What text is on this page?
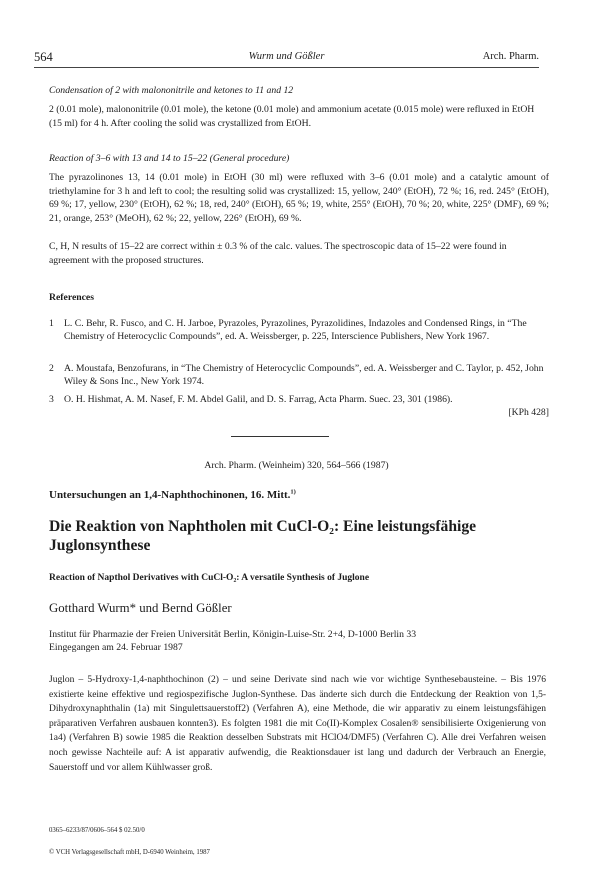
564	Wurm und Gößler	Arch. Pharm.
Condensation of 2 with malononitrile and ketones to 11 and 12
2 (0.01 mole), malononitrile (0.01 mole), the ketone (0.01 mole) and ammonium acetate (0.015 mole) were refluxed in EtOH (15 ml) for 4 h. After cooling the solid was crystallized from EtOH.
Reaction of 3–6 with 13 and 14 to 15–22 (General procedure)
The pyrazolinones 13, 14 (0.01 mole) in EtOH (30 ml) were refluxed with 3–6 (0.01 mole) and a catalytic amount of triethylamine for 3 h and left to cool; the resulting solid was crystallized: 15, yellow, 240° (EtOH), 72 %; 16, red. 245° (EtOH), 69 %; 17, yellow, 230° (EtOH), 62 %; 18, red, 240° (EtOH), 65 %; 19, white, 255° (EtOH), 70 %; 20, white, 225° (DMF), 69 %; 21, orange, 253° (MeOH), 62 %; 22, yellow, 226° (EtOH), 69 %.
C, H, N results of 15–22 are correct within ± 0.3 % of the calc. values. The spectroscopic data of 15–22 were found in agreement with the proposed structures.
References
1 L. C. Behr, R. Fusco, and C. H. Jarboe, Pyrazoles, Pyrazolines, Pyrazolidines, Indazoles and Condensed Rings, in “The Chemistry of Heterocyclic Compounds”, ed. A. Weissberger, p. 225, Interscience Publishers, New York 1967.
2 A. Moustafa, Benzofurans, in “The Chemistry of Heterocyclic Compounds”, ed. A. Weissberger and C. Taylor, p. 452, John Wiley & Sons Inc., New York 1974.
3 O. H. Hishmat, A. M. Nasef, F. M. Abdel Galil, and D. S. Farrag, Acta Pharm. Suec. 23, 301 (1986).
[KPh 428]
Arch. Pharm. (Weinheim) 320, 564–566 (1987)
Untersuchungen an 1,4-Naphthochinonen, 16. Mitt.$^{1)}$
Die Reaktion von Naphtholen mit CuCl-O₂: Eine leistungsfähige
Juglonsynthese
Reaction of Napthol Derivatives with CuCl-O₂: A versatile Synthesis of Juglone
Gotthard Wurm* und Bernd Gößler
Institut für Pharmazie der Freien Universität Berlin, Königin-Luise-Str. 2+4, D-1000 Berlin 33
Eingegangen am 24. Februar 1987
Juglon – 5-Hydroxy-1,4-naphthochinon (2) – und seine Derivate sind nach wie vor wichtige Synthesebausteine. – Bis 1976 existierte keine effektive und regiospezifische Juglon-Synthese. Das änderte sich durch die Entdeckung der Reaktion von 1,5-Dihydroxynaphthalin (1a) mit Singulettsauerstoff2) (Verfahren A), eine Methode, die wir apparativ zu einem leistungsfähigen präparativen Verfahren ausbauen konnten3). Es folgten 1981 die mit Co(II)-Komplex Cosalen® sensibilisierte Oxigenierung von 1a4) (Verfahren B) sowie 1985 die Reaktion desselben Substrats mit HClO4/DMF5) (Verfahren C). Alle drei Verfahren weisen noch gewisse Nachteile auf: A ist apparativ aufwendig, die Reaktionsdauer ist lang und dadurch der Verbrauch an Energie, Sauerstoff und vor allem Kühlwasser groß.
0365–6233/87/0606–564 $ 02.50/0
© VCH Verlagsgesellschaft mbH, D-6940 Weinheim, 1987
